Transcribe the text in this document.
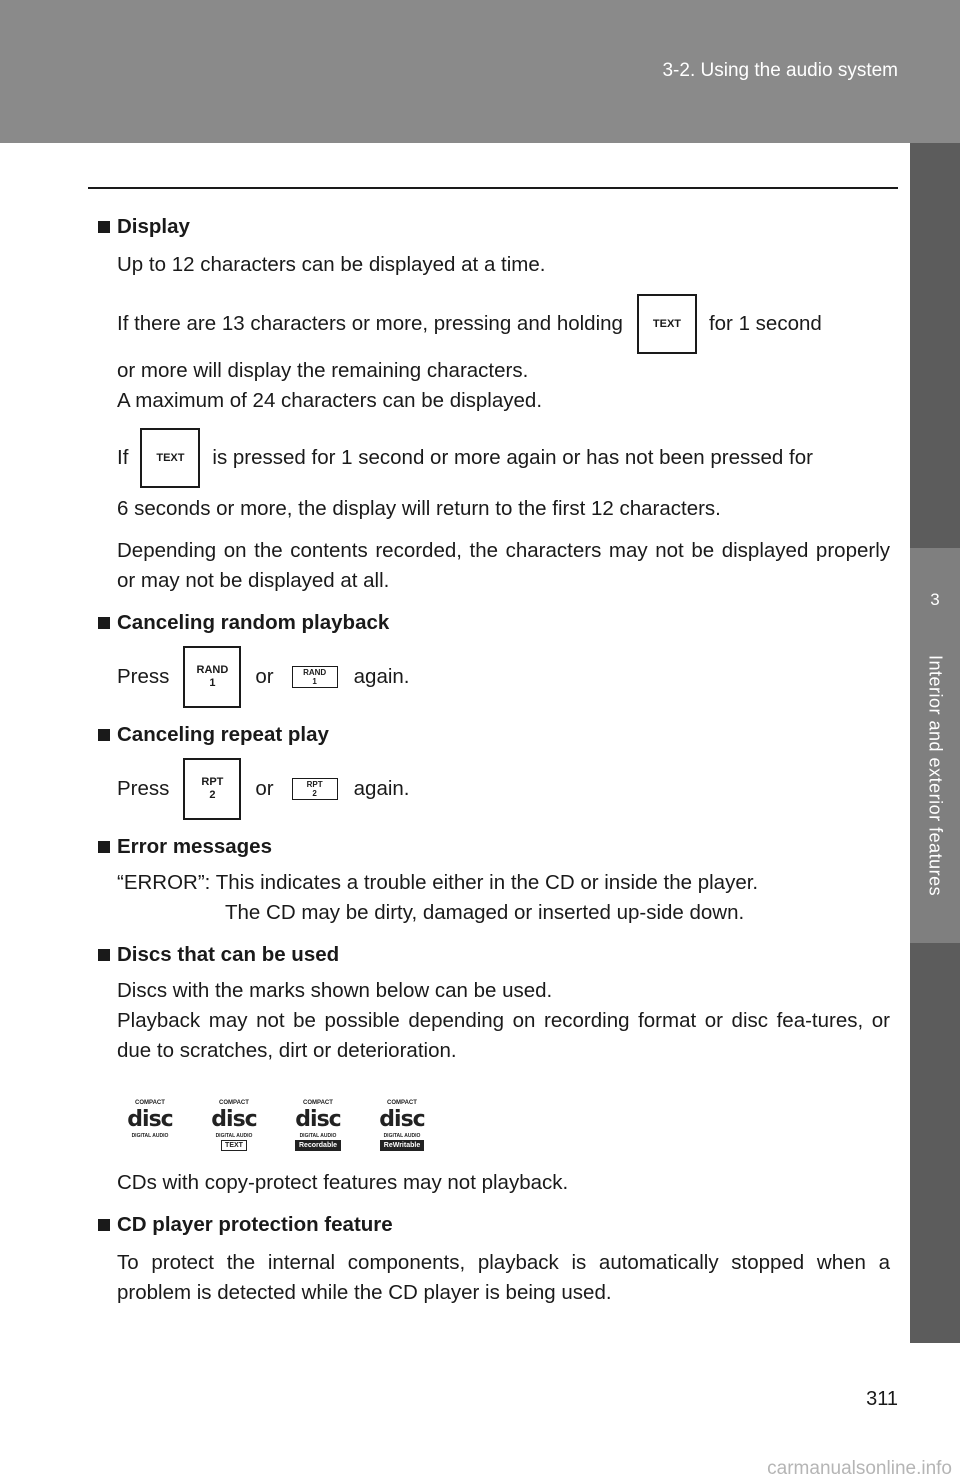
3-2. Using the audio system
3
Interior and exterior features
Display

Up to 12 characters can be displayed at a time.

If there are 13 characters or more, pressing and holding	TEXT for 1 second

or more will display the remaining characters.

A maximum of 24 characters can be displayed.

If	TEXT is pressed for 1 second or more again or has not been pressed for

6 seconds or more, the display will return to the first 12 characters.

Depending on the contents recorded, the characters may not be displayed properly or may not be displayed at all.

Canceling random playback
Press RAND
1 or	RAND
1 again.
Canceling repeat play
Press	RPT
2 or	RPT
2 again.
Error messages

“ERROR”: This indicates a trouble either in the CD or inside the player.

The CD may be dirty, damaged or inserted up-side down.

Discs that can be used

Discs with the marks shown below can be used.

Playback may not be possible depending on recording format or disc fea-tures, or due to scratches, dirt or deterioration.

COMPACT
disc
DIGITAL AUDIO
COMPACT
disc
DIGITAL AUDIO
TEXT
COMPACT
disc
DIGITAL AUDIO
Recordable
COMPACT
disc
DIGITAL AUDIO
ReWritable

CDs with copy-protect features may not playback.

CD player protection feature

To protect the internal components, playback is automatically stopped when a problem is detected while the CD player is being used.

311
carmanualsonline.info
